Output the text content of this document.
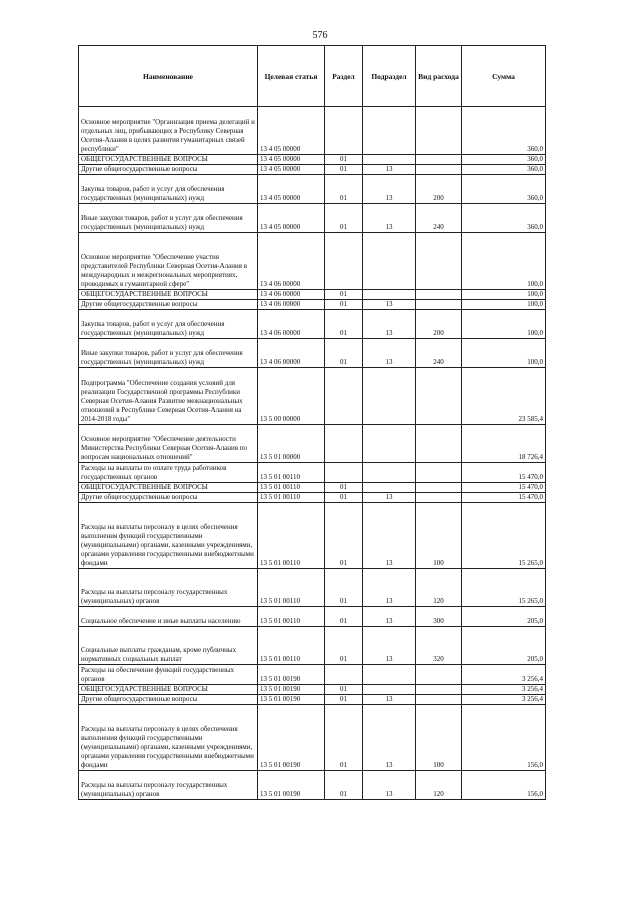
576
Наименование	Целевая статья	Раздел	Подраздел	Вид расхода	Сумма
Основное мероприятие "Организация приема делегаций и отдельных лиц, прибывающих в Республику Северная Осетия-Алания в целях развития гуманитарных связей республики"	13 4 05 00000				360,0
ОБЩЕГОСУДАРСТВЕННЫЕ ВОПРОСЫ	13 4 05 00000	01			360,0
Другие общегосударственные вопросы	13 4 05 00000	01	13		360,0
Закупка товаров, работ и услуг для обеспечения государственных (муниципальных) нужд	13 4 05 00000	01	13	200	360,0
Иные закупки товаров, работ и услуг для обеспечения государственных (муниципальных) нужд	13 4 05 00000	01	13	240	360,0
Основное мероприятие "Обеспечение участия представителей Республики Северная Осетия-Алания в международных и межрегиональных мероприятиях, проводимых в гуманитарной сфере"	13 4 06 00000				100,0
ОБЩЕГОСУДАРСТВЕННЫЕ ВОПРОСЫ	13 4 06 00000	01			100,0
Другие общегосударственные вопросы	13 4 06 00000	01	13		100,0
Закупка товаров, работ и услуг для обеспечения государственных (муниципальных) нужд	13 4 06 00000	01	13	200	100,0
Иные закупки товаров, работ и услуг для обеспечения государственных (муниципальных) нужд	13 4 06 00000	01	13	240	100,0
Подпрограмма "Обеспечение создания условий для реализации Государственной программы Республики Северная Осетия-Алания Развитие межнациональных отношений в Республике Северная Осетия-Алания на 2014-2018 годы"	13 5 00 00000				23 585,4
Основное мероприятие "Обеспечение деятельности Министерства Республики Северная Осетия-Алания по вопросам национальных отношений"	13 5 01 00000				18 726,4
Расходы на выплаты по оплате труда работников государственных органов	13 5 01 00110				15 470,0
ОБЩЕГОСУДАРСТВЕННЫЕ ВОПРОСЫ	13 5 01 00110	01			15 470,0
Другие общегосударственные вопросы	13 5 01 00110	01	13		15 470,0
Расходы на выплаты персоналу в целях обеспечения выполнения функций государственными (муниципальными) органами, казенными учреждениями, органами управления государственными внебюджетными фондами	13 5 01 00110	01	13	100	15 265,0
Расходы на выплаты персоналу государственных (муниципальных) органов	13 5 01 00110	01	13	120	15 265,0
Социальное обеспечение и иные выплаты населению	13 5 01 00110	01	13	300	205,0
Социальные выплаты гражданам, кроме публичных нормативных социальных выплат	13 5 01 00110	01	13	320	205,0
Расходы на обеспечение функций государственных органов	13 5 01 00190				3 256,4
ОБЩЕГОСУДАРСТВЕННЫЕ ВОПРОСЫ	13 5 01 00190	01			3 256,4
Другие общегосударственные вопросы	13 5 01 00190	01	13		3 256,4
Расходы на выплаты персоналу в целях обеспечения выполнения функций государственными (муниципальными) органами, казенными учреждениями, органами управления государственными внебюджетными фондами	13 5 01 00190	01	13	100	156,0
Расходы на выплаты персоналу государственных (муниципальных) органов	13 5 01 00190	01	13	120	156,0
